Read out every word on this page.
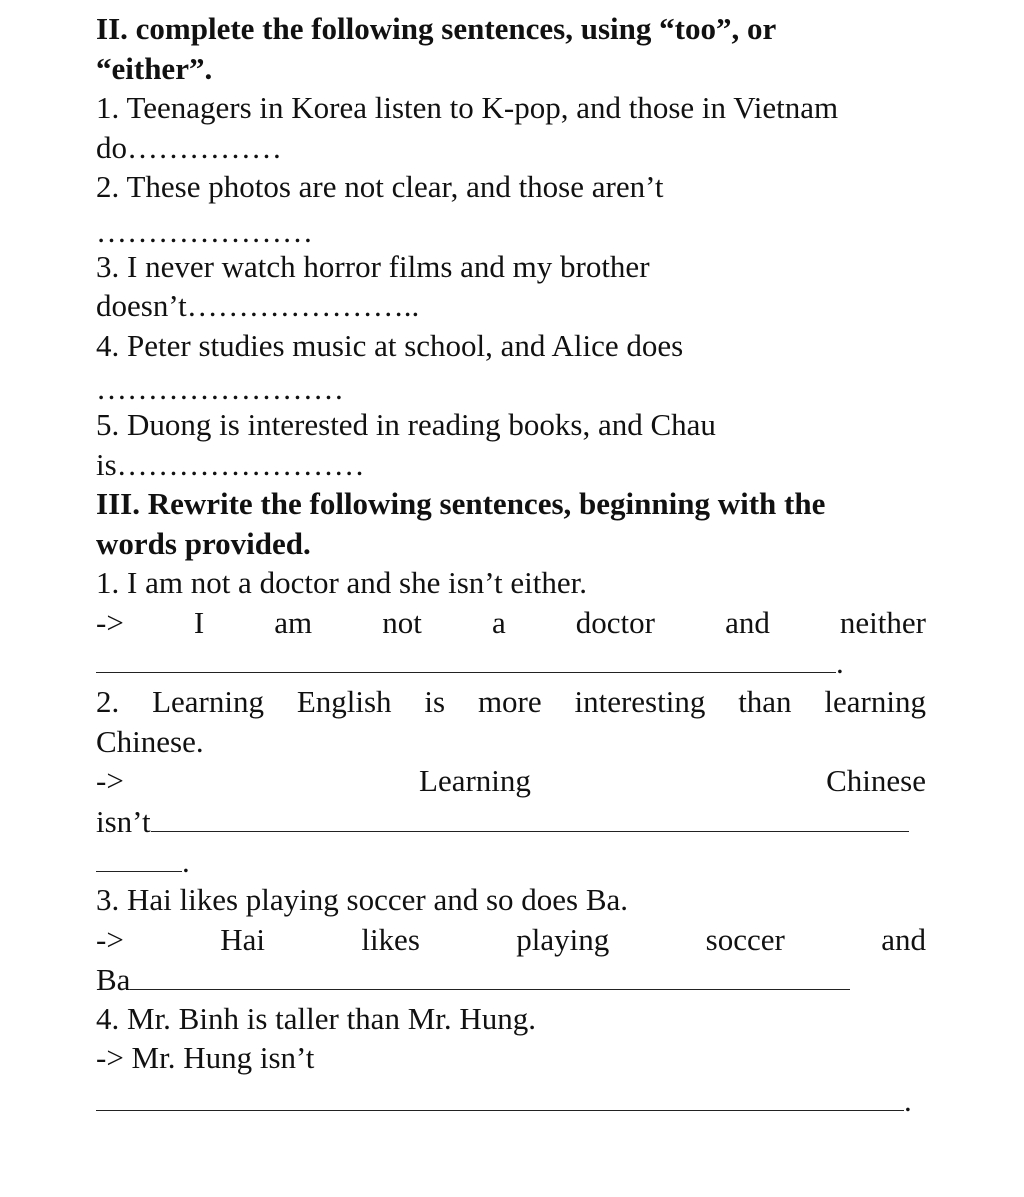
II. complete the following sentences, using “too”, or
“either”.
1. Teenagers in Korea listen to K-pop, and those in Vietnam
do……………
2. These photos are not clear, and those aren’t
…………………
3. I never watch horror films and my brother
doesn’t…………………..
4. Peter studies music at school, and Alice does
……………………
5. Duong is interested in reading books, and Chau
is……………………
III. Rewrite the following sentences, beginning with the
words provided.
1. I am not a doctor and she isn’t either.
-> I am not a doctor and neither
.
2. Learning English is more interesting than learning
Chinese.
->	Learning	Chinese
isn’t
.
3. Hai likes playing soccer and so does Ba.
->	Hai	likes	playing	soccer	and
Ba
4. Mr. Binh is taller than Mr. Hung.
-> Mr. Hung isn’t
.
